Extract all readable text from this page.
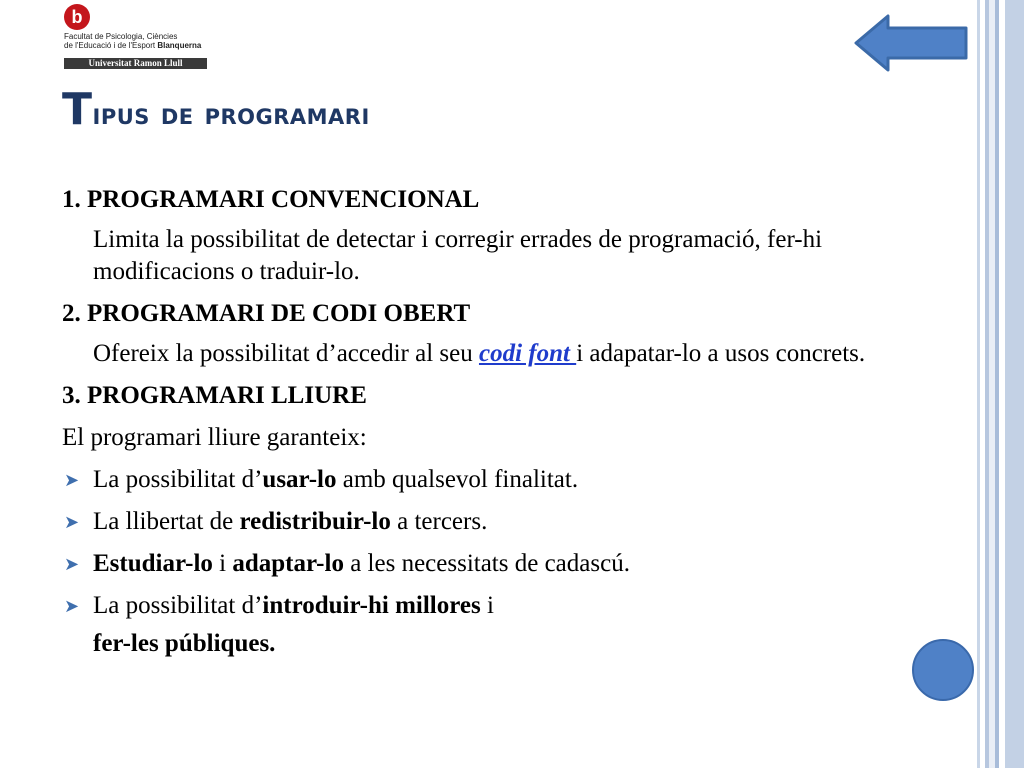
b
Facultat de Psicologia, Ciències
de l'Educació i de l'Esport Blanquerna
Universitat Ramon Llull
Tipus de programari

1. PROGRAMARI CONVENCIONAL

Limita la possibilitat de detectar i corregir errades de programació, fer-hi modificacions o traduir-lo.

2. PROGRAMARI DE CODI OBERT

Ofereix la possibilitat d’accedir al seu codi font i adapatar-lo a usos concrets.

3. PROGRAMARI LLIURE

El programari lliure garanteix:

➤ La possibilitat d’usar-lo amb qualsevol finalitat.

➤ La llibertat de redistribuir-lo a tercers.

➤ Estudiar-lo i adaptar-lo a les necessitats de cadascú.

➤ La possibilitat d’introduir-hi millores i

fer-les públiques.
